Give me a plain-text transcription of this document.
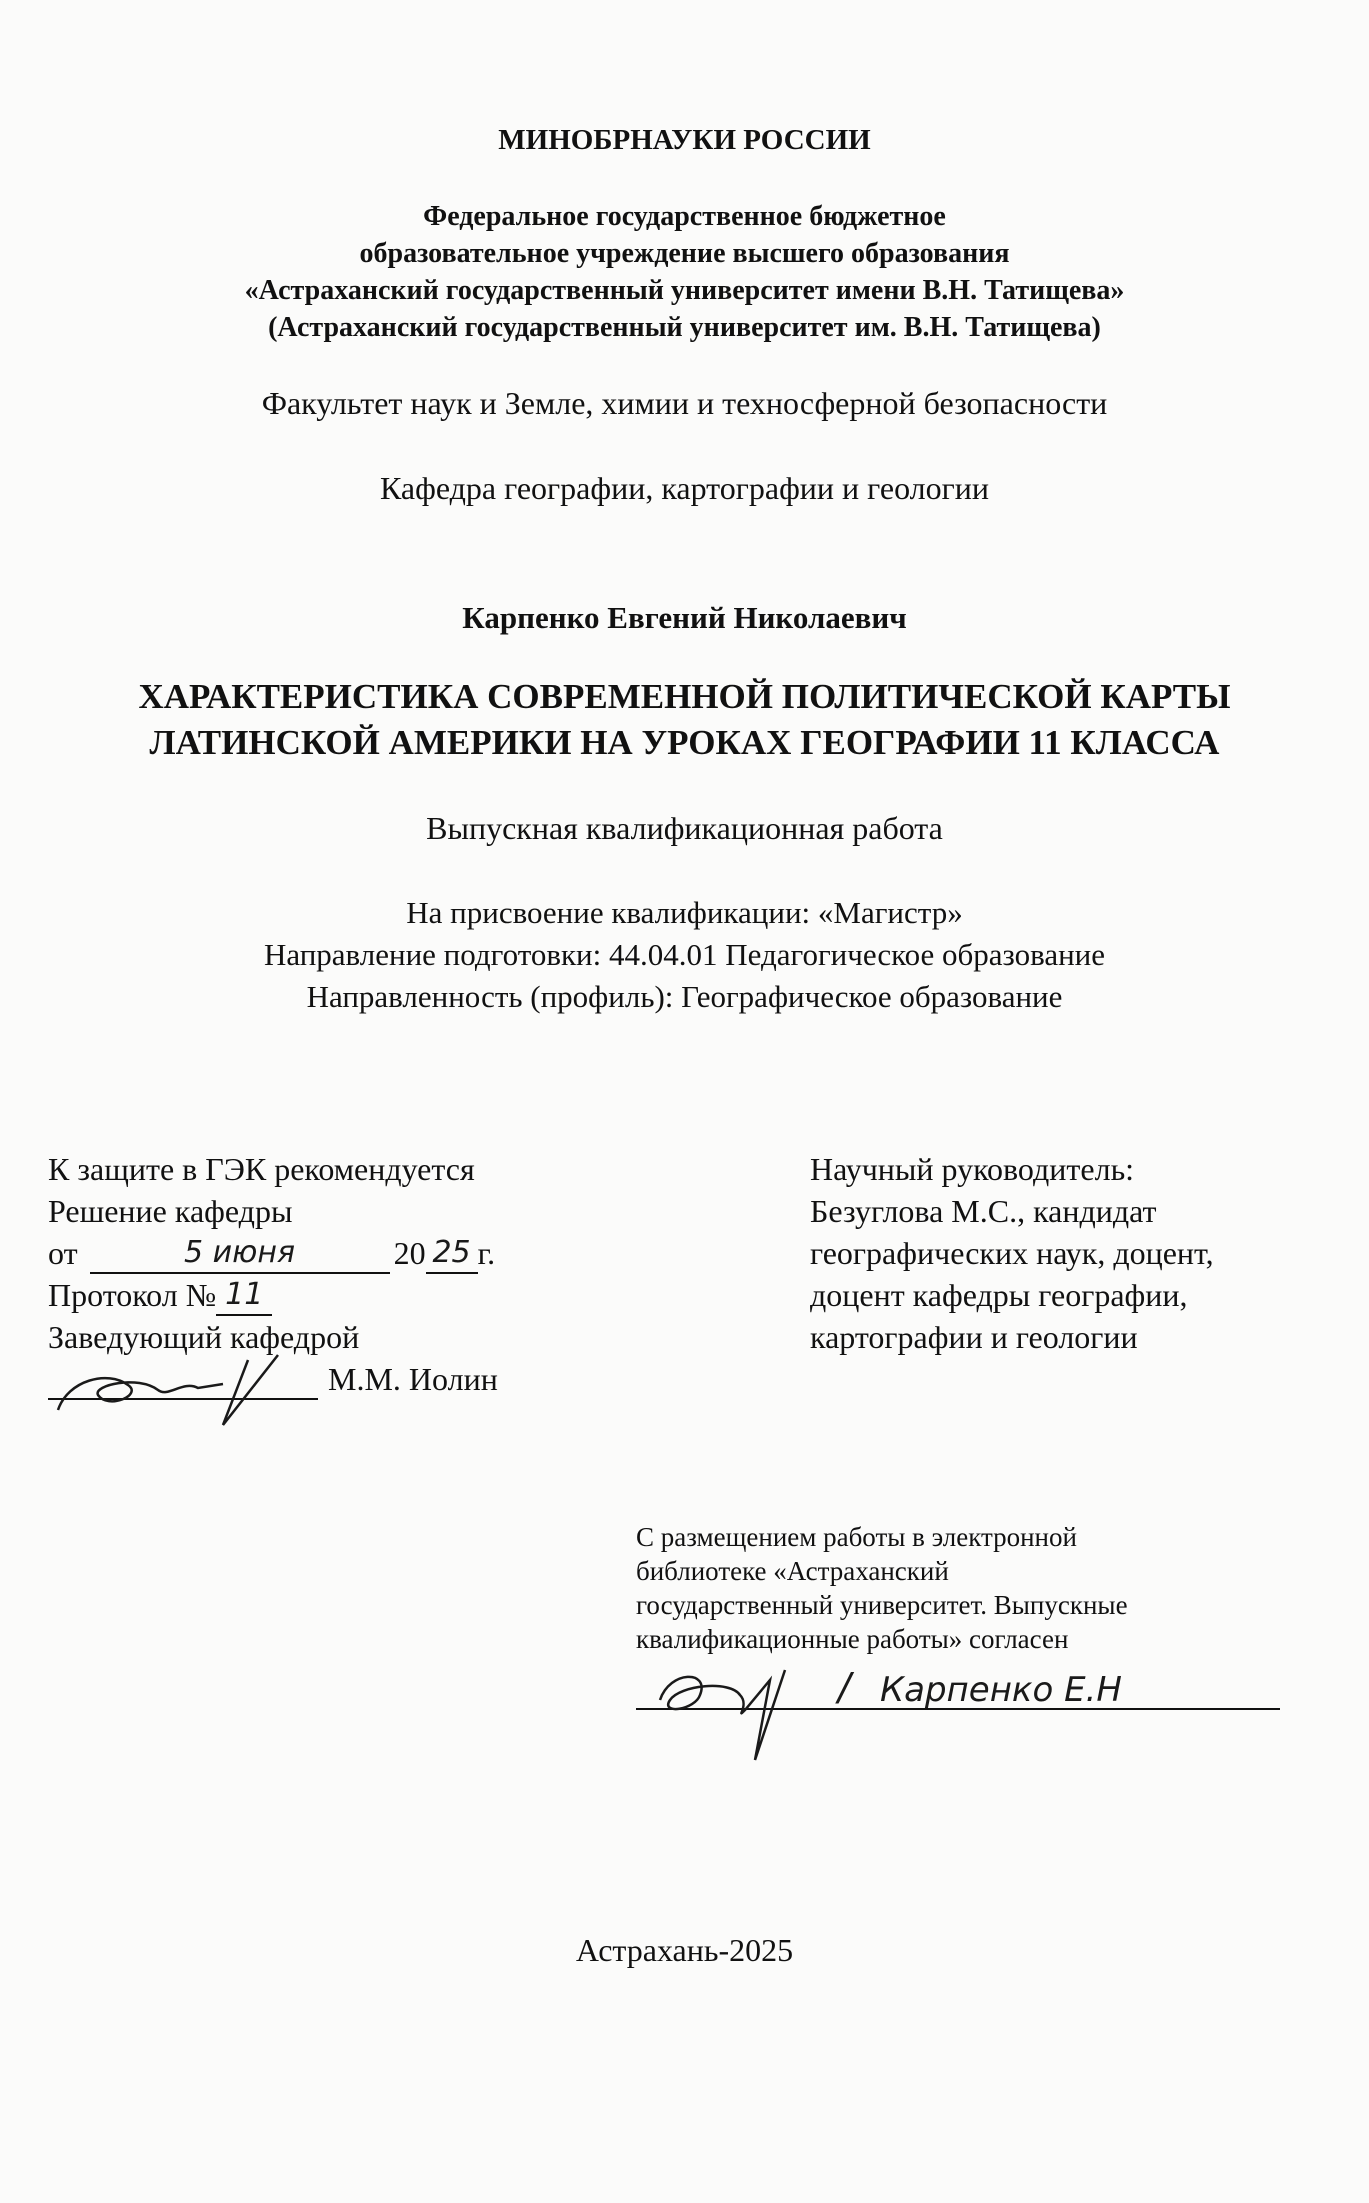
МИНОБРНАУКИ РОССИИ
Федеральное государственное бюджетное
образовательное учреждение высшего образования
«Астраханский государственный университет имени В.Н. Татищева»
(Астраханский государственный университет им. В.Н. Татищева)
Факультет наук и Земле, химии и техносферной безопасности
Кафедра географии, картографии и геологии
Карпенко Евгений Николаевич
ХАРАКТЕРИСТИКА СОВРЕМЕННОЙ ПОЛИТИЧЕСКОЙ КАРТЫ
ЛАТИНСКОЙ АМЕРИКИ НА УРОКАХ ГЕОГРАФИИ 11 КЛАССА
Выпускная квалификационная работа
На присвоение квалификации: «Магистр»
Направление подготовки: 44.04.01 Педагогическое образование
Направленность (профиль): Географическое образование
К защите в ГЭК рекомендуется
Решение кафедры
от	5 июня	20 25 г.
Протокол № 11
Заведующий кафедрой
М.М. Иолин
Научный руководитель:
Безуглова М.С., кандидат
географических наук, доцент,
доцент кафедры географии,
картографии и геологии
С размещением работы в электронной
библиотеке «Астраханский
государственный университет. Выпускные
квалификационные работы» согласен
/ Карпенко Е.Н
Астрахань-2025
